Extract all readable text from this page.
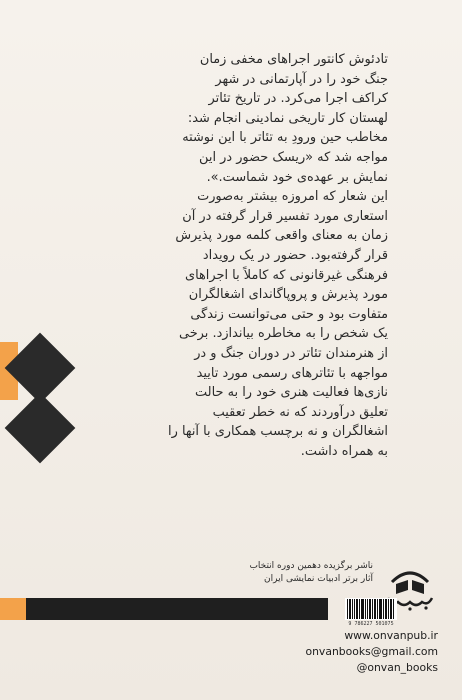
تادئوش کانتور اجراهای مخفی زمان

جنگ خود را در آپارتمانی در شهر

کراکف اجرا می‌کرد. در تاریخ تئاتر

لهستان کار تاریخی نمادینی انجام شد:

مخاطب حین ورودِ به تئاتر با این نوشته

مواجه شد که «ریسک حضور در این

نمایش بر عهده‌ی خود شماست.».

این شعار که امروزه بیشتر به‌صورت

استعاری مورد تفسیر قرار گرفته در آن

زمان به معنای واقعی کلمه مورد پذیرش

قرار گرفته‌بود. حضور در یک رویداد

فرهنگی غیرقانونی که کاملاً با اجراهای

مورد پذیرش و پروپاگاندای اشغالگران

متفاوت بود و حتی می‌توانست زندگی

یک شخص را به مخاطره بیاندازد. برخی

از هنرمندان تئاتر در دوران جنگ و در

مواجهه با تئاترهای رسمی مورد تایید

نازی‌ها فعالیت هنری خود را به حالت

تعلیق درآوردند که نه خطر تعقیب

اشغالگران و نه برچسب همکاری با آنها را

به همراه داشت.

ناشر برگزیده دهمین دوره انتخاب

آثار برتر ادبیات نمایشی ایران

9 786227 501075

www.onvanpub.ir

onvanbooks@gmail.com

@onvan_books
